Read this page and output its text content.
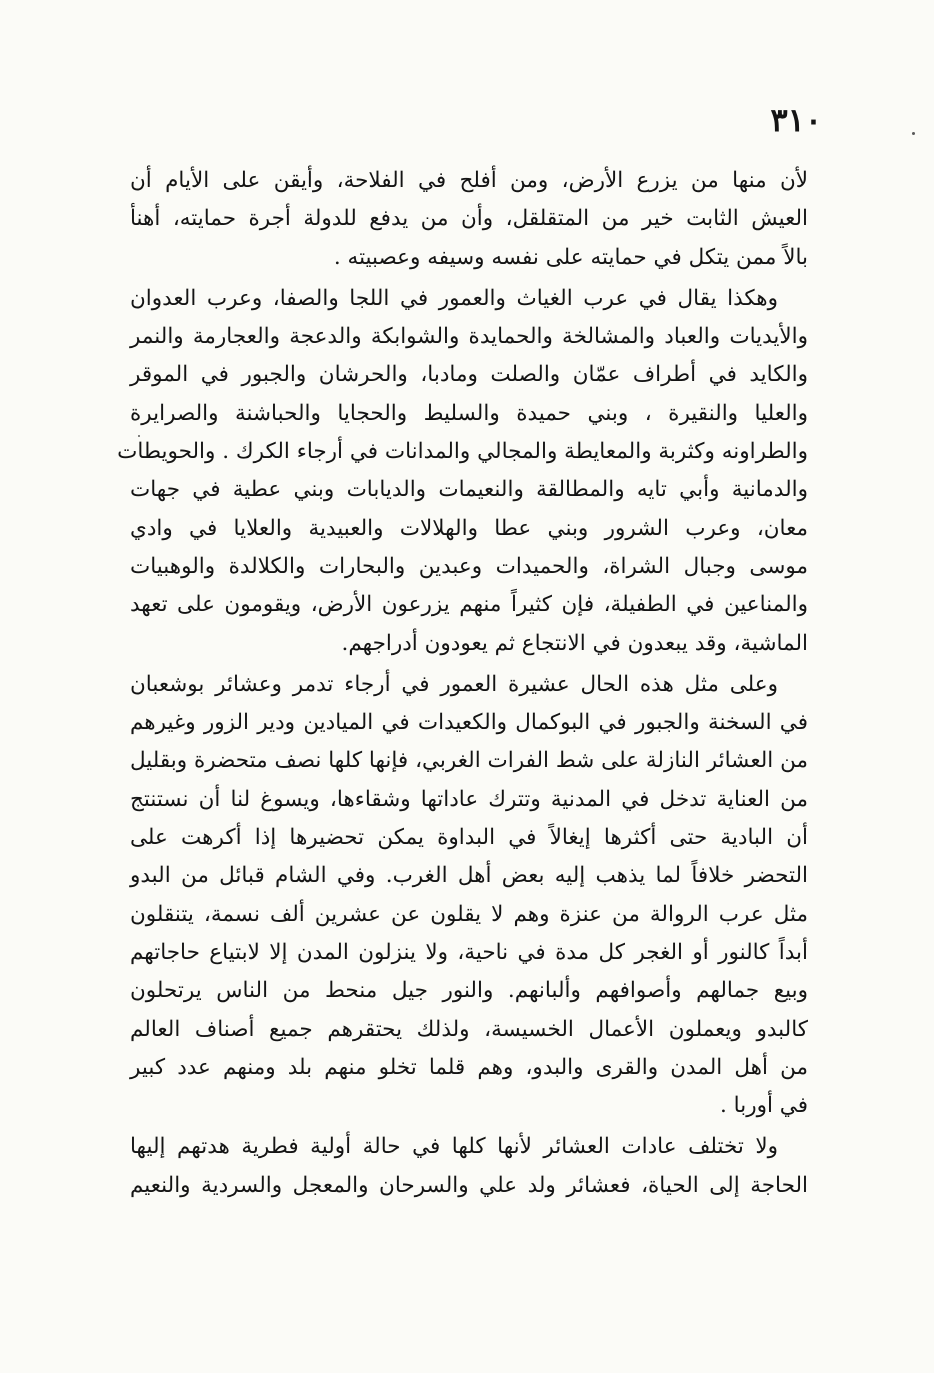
٣١٠

لأن منها من يزرع الأرض، ومن أفلح في الفلاحة، وأيقن على الأيام أن
العيش الثابت خير من المتقلقل، وأن من يدفع للدولة أجرة حمايته، أهنأ
بالاً ممن يتكل في حمايته على نفسه وسيفه وعصبيته .

وهكذا يقال في عرب الغياث والعمور في اللجا والصفا، وعرب العدوان
والأيديات والعباد والمشالخة والحمايدة والشوابكة والدعجة والعجارمة والنمر
والكايد في أطراف عمّان والصلت ومادبا، والحرشان والجبور في الموقر
والعليا والنقيرة ، وبني حميدة والسليط والحجايا والحباشنة والصرايرة
والطراونه وكثربة والمعايطة والمجالي والمدانات في أرجاء الكرك . والحويطات
والدمانية وأبي تايه والمطالقة والنعيمات والديابات وبني عطية في جهات
معان، وعرب الشرور وبني عطا والهلالات والعبيدية والعلايا في وادي
موسى وجبال الشراة، والحميدات وعبدين والبحارات والكلالدة والوهبيات
والمناعين في الطفيلة، فإن كثيراً منهم يزرعون الأرض، ويقومون على تعهد
الماشية، وقد يبعدون في الانتجاع ثم يعودون أدراجهم.

وعلى مثل هذه الحال عشيرة العمور في أرجاء تدمر وعشائر بوشعبان
في السخنة والجبور في البوكمال والكعيدات في الميادين ودير الزور وغيرهم
من العشائر النازلة على شط الفرات الغربي، فإنها كلها نصف متحضرة وبقليل
من العناية تدخل في المدنية وتترك عاداتها وشقاءها، ويسوغ لنا أن نستنتج
أن البادية حتى أكثرها إيغالاً في البداوة يمكن تحضيرها إذا أكرهت على
التحضر خلافاً لما يذهب إليه بعض أهل الغرب. وفي الشام قبائل من البدو
مثل عرب الروالة من عنزة وهم لا يقلون عن عشرين ألف نسمة، يتنقلون
أبداً كالنور أو الغجر كل مدة في ناحية، ولا ينزلون المدن إلا لابتياع حاجاتهم
وبيع جمالهم وأصوافهم وألبانهم. والنور جيل منحط من الناس يرتحلون
كالبدو ويعملون الأعمال الخسيسة، ولذلك يحتقرهم جميع أصناف العالم
من أهل المدن والقرى والبدو، وهم قلما تخلو منهم بلد ومنهم عدد كبير
في أوربا .

ولا تختلف عادات العشائر لأنها كلها في حالة أولية فطرية هدتهم إليها
الحاجة إلى الحياة، فعشائر ولد علي والسرحان والمعجل والسردية والنعيم
